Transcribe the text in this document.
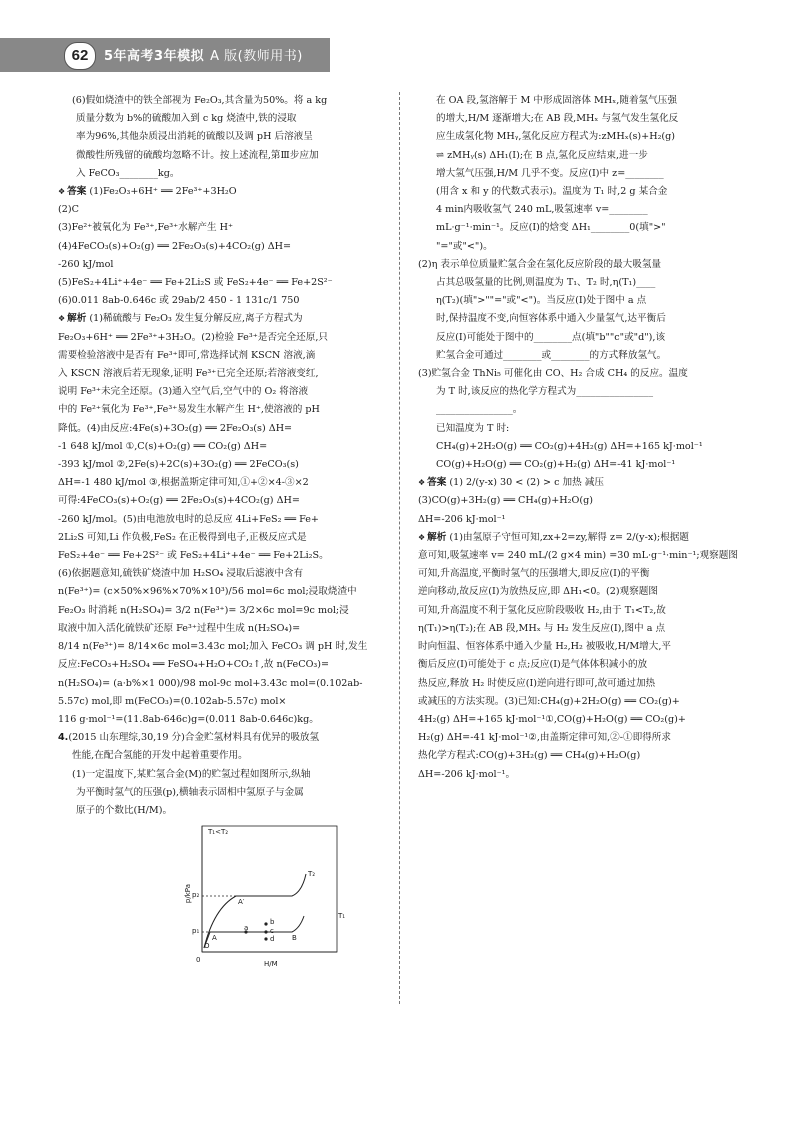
62	5年高考3年模拟 A 版(教师用书)
(6)假如烧渣中的铁全部视为 Fe₂O₃,其含量为50%。将 a kg
质量分数为 b%的硫酸加入到 c kg 烧渣中,铁的浸取
率为96%,其他杂质浸出消耗的硫酸以及调 pH 后溶液呈
微酸性所残留的硫酸均忽略不计。按上述流程,第Ⅲ步应加
入 FeCO₃________kg。
❖ 答案 (1)Fe₂O₃+6H⁺ ══ 2Fe³⁺+3H₂O
(2)C
(3)Fe²⁺被氧化为 Fe³⁺,Fe³⁺水解产生 H⁺
(4)4FeCO₃(s)+O₂(g) ══ 2Fe₂O₃(s)+4CO₂(g) ΔH=
-260 kJ/mol
(5)FeS₂+4Li⁺+4e⁻ ══ Fe+2Li₂S 或 FeS₂+4e⁻ ══ Fe+2S²⁻
(6)0.011 8ab-0.646c 或 29ab/2 450 - 1 131c/1 750
❖ 解析 (1)稀硫酸与 Fe₂O₃ 发生复分解反应,离子方程式为
Fe₂O₃+6H⁺ ══ 2Fe³⁺+3H₂O。(2)检验 Fe³⁺是否完全还原,只
需要检验溶液中是否有 Fe³⁺即可,常选择试剂 KSCN 溶液,滴
入 KSCN 溶液后若无现象,证明 Fe³⁺已完全还原;若溶液变红,
说明 Fe³⁺未完全还原。(3)通入空气后,空气中的 O₂ 将溶液
中的 Fe²⁺氧化为 Fe³⁺,Fe³⁺易发生水解产生 H⁺,使溶液的 pH
降低。(4)由反应:4Fe(s)+3O₂(g) ══ 2Fe₂O₃(s) ΔH=
-1 648 kJ/mol ①,C(s)+O₂(g) ══ CO₂(g) ΔH=
-393 kJ/mol ②,2Fe(s)+2C(s)+3O₂(g) ══ 2FeCO₃(s)
ΔH=-1 480 kJ/mol ③,根据盖斯定律可知,①+②×4-③×2
可得:4FeCO₃(s)+O₂(g) ══ 2Fe₂O₃(s)+4CO₂(g) ΔH=
-260 kJ/mol。(5)由电池放电时的总反应 4Li+FeS₂ ══ Fe+
2Li₂S 可知,Li 作负极,FeS₂ 在正极得到电子,正极反应式是
FeS₂+4e⁻ ══ Fe+2S²⁻ 或 FeS₂+4Li⁺+4e⁻ ══ Fe+2Li₂S。
(6)依据题意知,硫铁矿烧渣中加 H₂SO₄ 浸取后滤液中含有
n(Fe³⁺)= (c×50%×96%×70%×10³)/56 mol=6c mol;浸取烧渣中
Fe₂O₃ 时消耗 n(H₂SO₄)= 3/2 n(Fe³⁺)= 3/2×6c mol=9c mol;浸
取液中加入活化硫铁矿还原 Fe³⁺过程中生成 n(H₂SO₄)=
8/14 n(Fe³⁺)= 8/14×6c mol=3.43c mol;加入 FeCO₃ 调 pH 时,发生
反应:FeCO₃+H₂SO₄ ══ FeSO₄+H₂O+CO₂↑,故 n(FeCO₃)=
n(H₂SO₄)= (a·b%×1 000)/98 mol-9c mol+3.43c mol=(0.102ab-
5.57c) mol,即 m(FeCO₃)=(0.102ab-5.57c) mol×
116 g·mol⁻¹=(11.8ab-646c)g=(0.011 8ab-0.646c)kg。
4.(2015 山东理综,30,19 分)合金贮氢材料具有优异的吸放氢
性能,在配合氢能的开发中起着重要作用。
(1)一定温度下,某贮氢合金(M)的贮氢过程如图所示,纵轴
为平衡时氢气的压强(p),横轴表示固相中氢原子与金属
原子的个数比(H/M)。
T₁<T₂
p/kPa
H/M
0
O
p₁
p₂
T₁
T₂
A
A′
B
a
b
c
d
在 OA 段,氢溶解于 M 中形成固溶体 MHₓ,随着氢气压强
的增大,H/M 逐渐增大;在 AB 段,MHₓ 与氢气发生氢化反
应生成氢化物 MHᵧ,氢化反应方程式为:zMHₓ(s)+H₂(g)
⇌ zMHᵧ(s) ΔH₁(Ⅰ);在 B 点,氢化反应结束,进一步
增大氢气压强,H/M 几乎不变。反应(Ⅰ)中 z=________
(用含 x 和 y 的代数式表示)。温度为 T₁ 时,2 g 某合金
4 min内吸收氢气 240 mL,吸氢速率 v=________
mL·g⁻¹·min⁻¹。反应(Ⅰ)的焓变 ΔH₁________0(填">"
"="或"<")。
(2)η 表示单位质量贮氢合金在氢化反应阶段的最大吸氢量
占其总吸氢量的比例,则温度为 T₁、T₂ 时,η(T₁)____
η(T₂)(填">""="或"<")。当反应(Ⅰ)处于图中 a 点
时,保持温度不变,向恒容体系中通入少量氢气,达平衡后
反应(Ⅰ)可能处于图中的________点(填"b""c"或"d"),该
贮氢合金可通过________或________的方式释放氢气。
(3)贮氢合金 ThNi₅ 可催化由 CO、H₂ 合成 CH₄ 的反应。温度
为 T 时,该反应的热化学方程式为________________
________________。
已知温度为 T 时:
CH₄(g)+2H₂O(g) ══ CO₂(g)+4H₂(g) ΔH=+165 kJ·mol⁻¹
CO(g)+H₂O(g) ══ CO₂(g)+H₂(g) ΔH=-41 kJ·mol⁻¹
❖ 答案 (1) 2/(y-x) 30 < (2) > c 加热 减压
(3)CO(g)+3H₂(g) ══ CH₄(g)+H₂O(g)
ΔH=-206 kJ·mol⁻¹
❖ 解析 (1)由氢原子守恒可知,zx+2=zy,解得 z= 2/(y-x);根据题
意可知,吸氢速率 v= 240 mL/(2 g×4 min) =30 mL·g⁻¹·min⁻¹;观察题图
可知,升高温度,平衡时氢气的压强增大,即反应(Ⅰ)的平衡
逆向移动,故反应(Ⅰ)为放热反应,即 ΔH₁<0。(2)观察题图
可知,升高温度不利于氢化反应阶段吸收 H₂,由于 T₁<T₂,故
η(T₁)>η(T₂);在 AB 段,MHₓ 与 H₂ 发生反应(Ⅰ),图中 a 点
时向恒温、恒容体系中通入少量 H₂,H₂ 被吸收,H/M增大,平
衡后反应(Ⅰ)可能处于 c 点;反应(Ⅰ)是气体体积减小的放
热反应,释放 H₂ 时使反应(Ⅰ)逆向进行即可,故可通过加热
或减压的方法实现。(3)已知:CH₄(g)+2H₂O(g) ══ CO₂(g)+
4H₂(g) ΔH=+165 kJ·mol⁻¹①,CO(g)+H₂O(g) ══ CO₂(g)+
H₂(g) ΔH=-41 kJ·mol⁻¹②,由盖斯定律可知,②-①即得所求
热化学方程式:CO(g)+3H₂(g) ══ CH₄(g)+H₂O(g)
ΔH=-206 kJ·mol⁻¹。
